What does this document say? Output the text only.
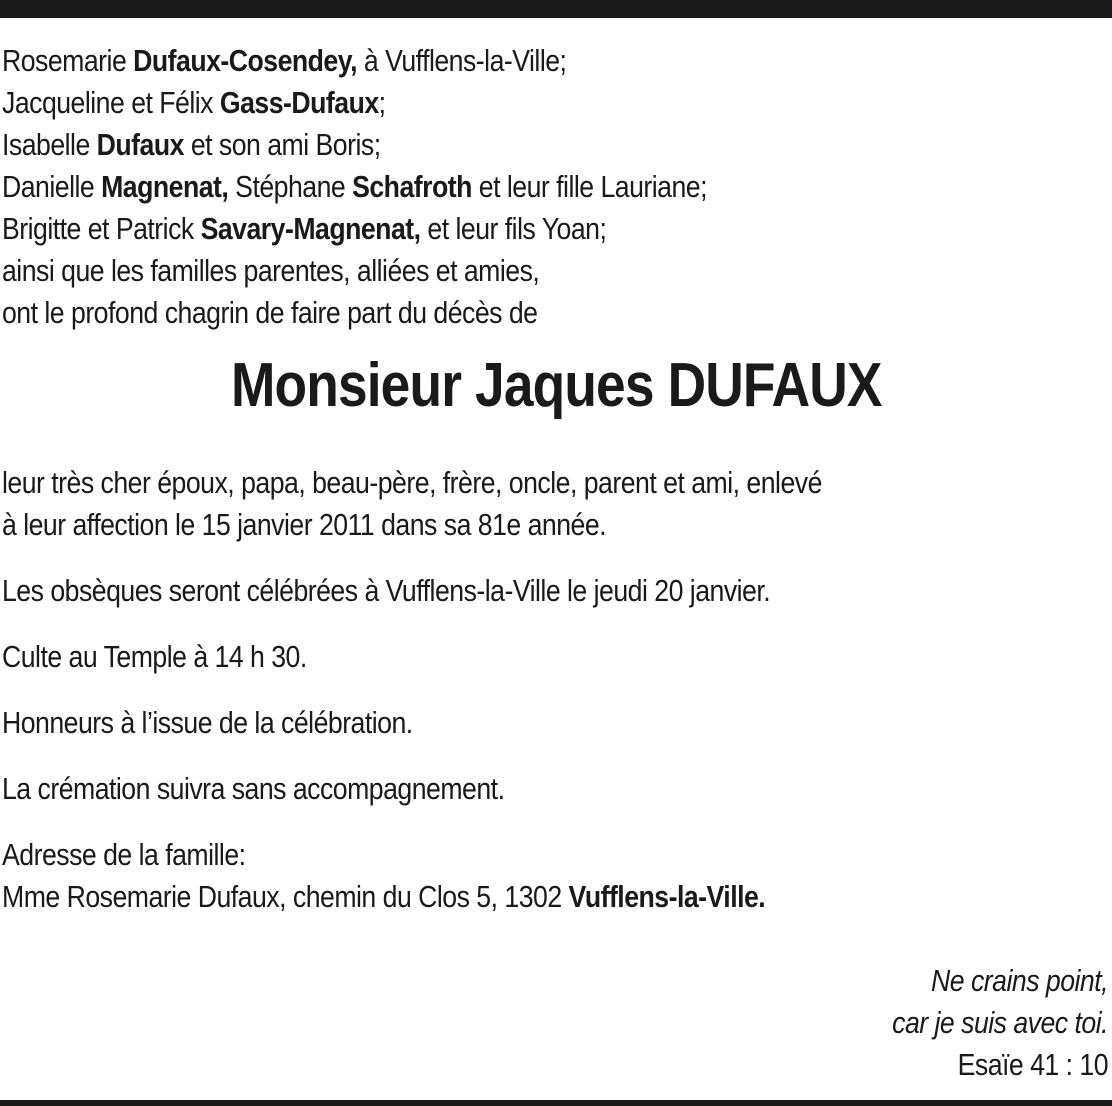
Rosemarie Dufaux-Cosendey, à Vufflens-la-Ville;
Jacqueline et Félix Gass-Dufaux;
Isabelle Dufaux et son ami Boris;
Danielle Magnenat, Stéphane Schafroth et leur fille Lauriane;
Brigitte et Patrick Savary-Magnenat, et leur fils Yoan;
ainsi que les familles parentes, alliées et amies,
ont le profond chagrin de faire part du décès de
Monsieur Jaques DUFAUX

leur très cher époux, papa, beau-père, frère, oncle, parent et ami, enlevé

à leur affection le 15 janvier 2011 dans sa 81e année.

Les obsèques seront célébrées à Vufflens-la-Ville le jeudi 20 janvier.

Culte au Temple à 14 h 30.

Honneurs à l’issue de la célébration.

La crémation suivra sans accompagnement.

Adresse de la famille:

Mme Rosemarie Dufaux, chemin du Clos 5, 1302 Vufflens-la-Ville.

Ne crains point,
car je suis avec toi.
Esaïe 41 : 10
